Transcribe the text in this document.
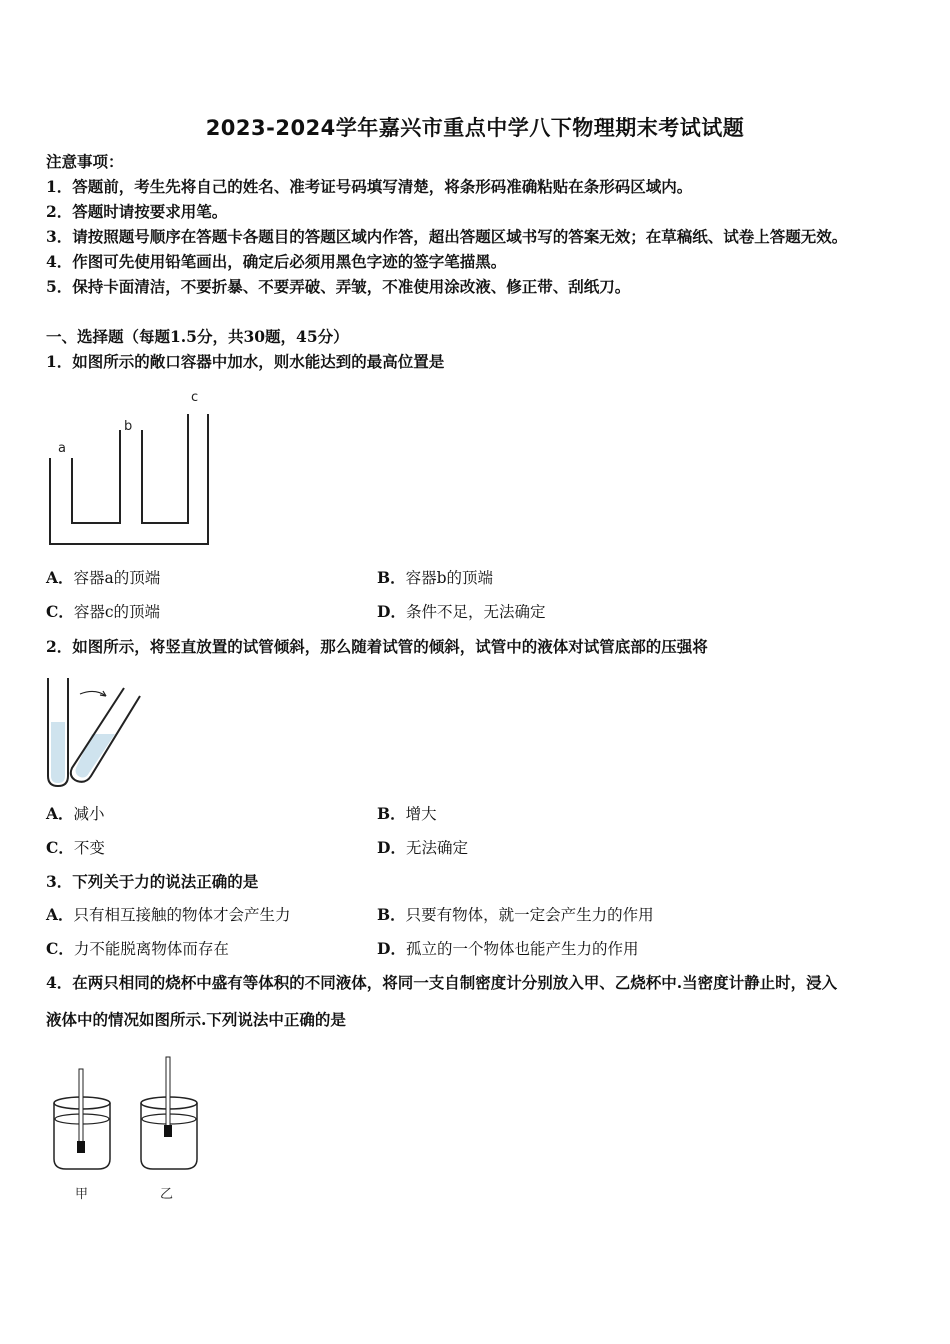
2023-2024学年嘉兴市重点中学八下物理期末考试试题
注意事项：
1．答题前，考生先将自己的姓名、准考证号码填写清楚，将条形码准确粘贴在条形码区域内。
2．答题时请按要求用笔。
3．请按照题号顺序在答题卡各题目的答题区域内作答，超出答题区域书写的答案无效；在草稿纸、试卷上答题无效。
4．作图可先使用铅笔画出，确定后必须用黑色字迹的签字笔描黑。
5．保持卡面清洁，不要折暴、不要弄破、弄皱，不准使用涂改液、修正带、刮纸刀。
一、选择题（每题1.5分，共30题，45分）
1．如图所示的敞口容器中加水，则水能达到的最高位置是
a
b
c
A．容器a的顶端	B．容器b的顶端
C．容器c的顶端	D．条件不足，无法确定
2．如图所示，将竖直放置的试管倾斜，那么随着试管的倾斜，试管中的液体对试管底部的压强将
A．减小	B．增大
C．不变	D．无法确定
3．下列关于力的说法正确的是
A．只有相互接触的物体才会产生力	B．只要有物体，就一定会产生力的作用
C．力不能脱离物体而存在	D．孤立的一个物体也能产生力的作用
4．在两只相同的烧杯中盛有等体积的不同液体，将同一支自制密度计分别放入甲、乙烧杯中.当密度计静止时，浸入
液体中的情况如图所示.下列说法中正确的是
甲	乙
